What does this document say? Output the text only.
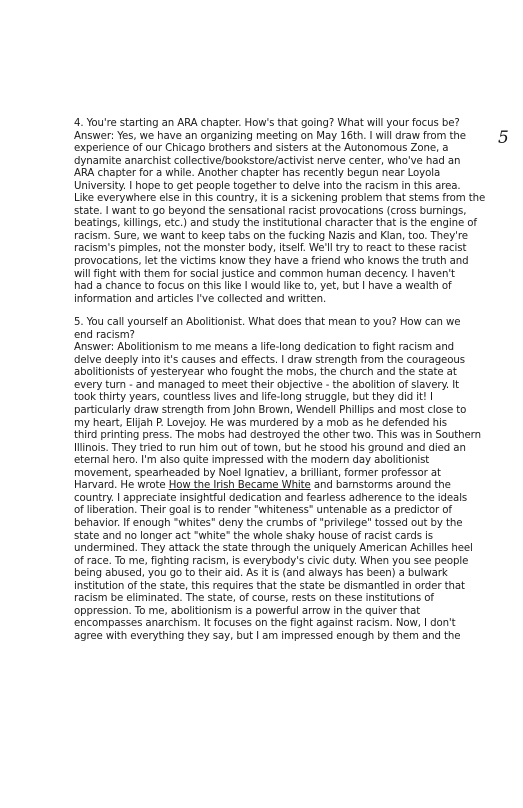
5
4. You're starting an ARA chapter. How's that going? What will your focus be?
Answer: Yes, we have an organizing meeting on May 16th. I will draw from the
experience of our Chicago brothers and sisters at the Autonomous Zone, a
dynamite anarchist collective/bookstore/activist nerve center, who've had an
ARA chapter for a while. Another chapter has recently begun near Loyola
University. I hope to get people together to delve into the racism in this area.
Like everywhere else in this country, it is a sickening problem that stems from the
state. I want to go beyond the sensational racist provocations (cross burnings,
beatings, killings, etc.) and study the institutional character that is the engine of
racism. Sure, we want to keep tabs on the fucking Nazis and Klan, too. They're
racism's pimples, not the monster body, itself. We'll try to react to these racist
provocations, let the victims know they have a friend who knows the truth and
will fight with them for social justice and common human decency. I haven't
had a chance to focus on this like I would like to, yet, but I have a wealth of
information and articles I've collected and written.
5. You call yourself an Abolitionist. What does that mean to you? How can we
end racism?
Answer: Abolitionism to me means a life-long dedication to fight racism and
delve deeply into it's causes and effects. I draw strength from the courageous
abolitionists of yesteryear who fought the mobs, the church and the state at
every turn - and managed to meet their objective - the abolition of slavery. It
took thirty years, countless lives and life-long struggle, but they did it! I
particularly draw strength from John Brown, Wendell Phillips and most close to
my heart, Elijah P. Lovejoy. He was murdered by a mob as he defended his
third printing press. The mobs had destroyed the other two. This was in Southern
Illinois. They tried to run him out of town, but he stood his ground and died an
eternal hero. I'm also quite impressed with the modern day abolitionist
movement, spearheaded by Noel Ignatiev, a brilliant, former professor at
Harvard. He wrote How the Irish Became White and barnstorms around the
country. I appreciate insightful dedication and fearless adherence to the ideals
of liberation. Their goal is to render "whiteness" untenable as a predictor of
behavior. If enough "whites" deny the crumbs of "privilege" tossed out by the
state and no longer act "white" the whole shaky house of racist cards is
undermined. They attack the state through the uniquely American Achilles heel
of race. To me, fighting racism, is everybody's civic duty. When you see people
being abused, you go to their aid. As it is (and always has been) a bulwark
institution of the state, this requires that the state be dismantled in order that
racism be eliminated. The state, of course, rests on these institutions of
oppression. To me, abolitionism is a powerful arrow in the quiver that
encompasses anarchism. It focuses on the fight against racism. Now, I don't
agree with everything they say, but I am impressed enough by them and the
